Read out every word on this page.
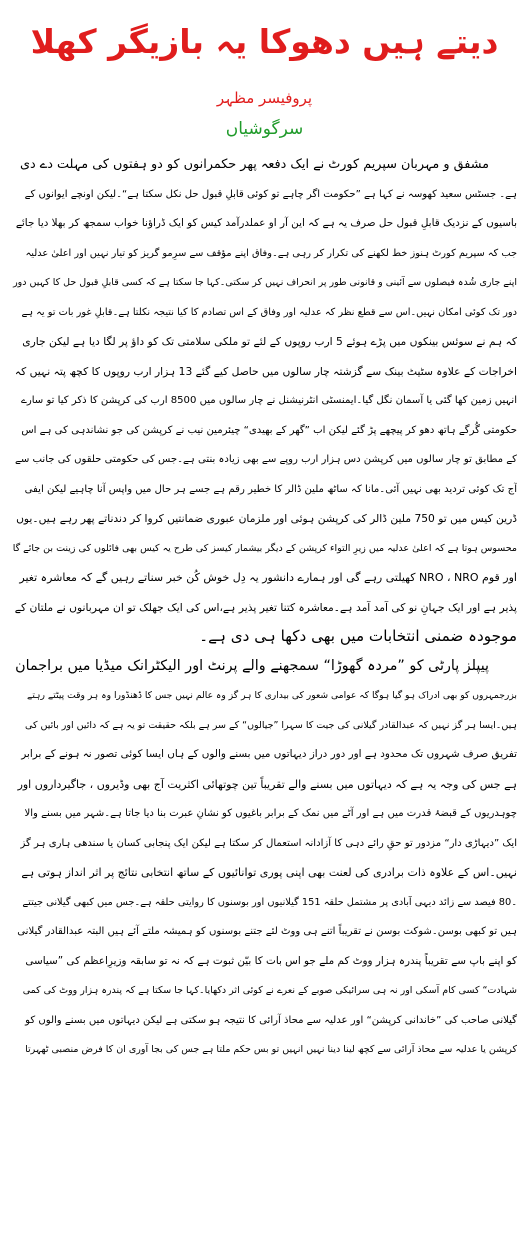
دیتے ہیں دھوکا یہ بازیگر کھلا
پروفیسر مظہر
سرگوشیاں
مشفق و مہربان سپریم کورٹ نے ایک دفعہ پھر حکمرانوں کو دو ہفتوں کی مہلت دے دی
ہے۔ جسٹس سعید کھوسہ نے کہا ہے ”حکومت اگر چاہے تو کوئی قابلِ قبول حل نکل سکتا ہے“۔لیکن اونچے ایوانوں کے
باسیوں کے نزدیک قابلِ قبول حل صرف یہ ہے کہ این آر او عملدرآمد کیس کو ایک ڈراؤنا خواب سمجھ کر بھلا دیا جائے
جب کہ سپریم کورٹ ہنوز خط لکھنے کی تکرار کر رہی ہے۔وفاق اپنے مؤقف سے سرِمو گریز کو تیار نہیں اور اعلیٰ عدلیہ
اپنے جاری شُدہ فیصلوں سے آئینی و قانونی طور پر انحراف نہیں کر سکتی۔کہا جا سکتا ہے کہ کسی قابلِ قبول حل کا کہیں دور
دور تک کوئی امکان نہیں۔اس سے قطع نظر کہ عدلیہ اور وفاق کے اس تصادم کا کیا نتیجہ نکلتا ہے۔قابلِ غور بات تو یہ ہے
کہ ہم نے سوئس بینکوں میں پڑے ہوئے 5 ارب روپوں کے لئے تو ملکی سلامتی تک کو داؤ پر لگا دیا ہے لیکن جاری
اخراجات کے علاوہ سٹیٹ بینک سے گزشتہ چار سالوں میں حاصل کیے گئے 13 ہزار ارب روپوں کا کچھ پتہ نہیں کہ
انہیں زمین کھا گئی یا آسمان نگل گیا۔ایمنسٹی انٹرنیشنل نے چار سالوں میں 8500 ارب کی کرپشن کا ذکر کیا تو سارے
حکومتی گُرگے ہاتھ دھو کر پیچھے پڑ گئے لیکن اب ”گھر کے بھیدی“ چیئرمین نیب نے کرپشن کی جو نشاندہی کی ہے اس
کے مطابق تو چار سالوں میں کرپشن دس ہزار ارب روپے سے بھی زیادہ بنتی ہے۔جس کی حکومتی حلقوں کی جانب سے
آج تک کوئی تردید بھی نہیں آئی۔مانا کہ ساٹھ ملین ڈالر کا خطیر رقم ہے جسے ہر حال میں واپس آنا چاہیے لیکن ایفی
ڈرین کیس میں تو 750 ملین ڈالر کی کرپشن ہوئی اور ملزمان عبوری ضمانتیں کروا کر دندناتے پھر رہے ہیں۔یوں
محسوس ہوتا ہے کہ اعلیٰ عدلیہ میں زیرِ التواء کرپشن کے دیگر بیشمار کیسز کی طرح یہ کیس بھی فائلوں کی زینت بن جائے گا
اور قوم NRO ، NRO کھیلتی رہے گی اور ہمارے دانشور یہ دِل خوش کُن خبر سناتے رہیں گے کہ معاشرہ تغیر
پذیر ہے اور ایک جہانِ نو کی آمد آمد ہے۔معاشرہ کتنا تغیر پذیر ہے،اس کی ایک جھلک تو ان مہربانوں نے ملتان کے
موجودہ ضمنی انتخابات میں بھی دکھا ہی دی ہے۔
پیپلز پارٹی کو ”مردہ گھوڑا“ سمجھنے والے پرنٹ اور الیکٹرانک میڈیا میں براجمان
بزرجمہروں کو بھی ادراک ہو گیا ہوگا کہ عوامی شعور کی بیداری کا ہر گز وہ عالم نہیں جس کا ڈھنڈورا وہ ہر وقت پیٹتے رہتے
ہیں۔ایسا ہر گز نہیں کہ عبدالقادر گیلانی کی جیت کا سہرا ”جیالوں“ کے سر ہے بلکہ حقیقت تو یہ ہے کہ دائیں اور بائیں کی
تفریق صرف شہروں تک محدود ہے اور دور دراز دیہاتوں میں بسنے والوں کے ہاں ایسا کوئی تصور نہ ہونے کے برابر
ہے جس کی وجہ یہ ہے کہ دیہاتوں میں بسنے والے تقریباً تین چوتھائی اکثریت آج بھی وڈیروں ، جاگیرداروں اور
چوہدریوں کے قبضۂ قدرت میں ہے اور آٹے میں نمک کے برابر باغیوں کو نشانِ عبرت بنا دیا جاتا ہے۔شہر میں بسنے والا
ایک ”دیہاڑی دار“ مزدور تو حقِ رائے دہی کا آزادانہ استعمال کر سکتا ہے لیکن ایک پنجابی کسان یا سندھی ہاری ہر گز
نہیں۔اس کے علاوہ ذات برادری کی لعنت بھی اپنی پوری توانائیوں کے ساتھ انتخابی نتائج پر اثر انداز ہوتی ہے
۔80 فیصد سے زائد دیہی آبادی پر مشتمل حلقہ 151 گیلانیوں اور بوسنوں کا روایتی حلقہ ہے۔جس میں کبھی گیلانی جیتتے
ہیں تو کبھی بوسن۔شوکت بوسن نے تقریباً اتنے ہی ووٹ لئے جتنے بوسنوں کو ہمیشہ ملتے آئے ہیں البتہ عبدالقادر گیلانی
کو اپنے باپ سے تقریباً پندرہ ہزار ووٹ کم ملے جو اس بات کا بیّن ثبوت ہے کہ نہ تو سابقہ وزیرِاعظم کی ”سیاسی
شہادت“ کسی کام آسکی اور نہ ہی سرائیکی صوبے کے نعرے نے کوئی اثر دکھایا۔کہا جا سکتا ہے کہ پندرہ ہزار ووٹ کی کمی
گیلانی صاحب کی ”خاندانی کرپشن“ اور عدلیہ سے محاذ آرائی کا نتیجہ ہو سکتی ہے لیکن دیہاتوں میں بسنے والوں کو
کرپشن یا عدلیہ سے محاذ آرائی سے کچھ لینا دینا نہیں انہیں تو بس حکم ملتا ہے جس کی بجا آوری ان کا فرض منصبی ٹھہرتا
